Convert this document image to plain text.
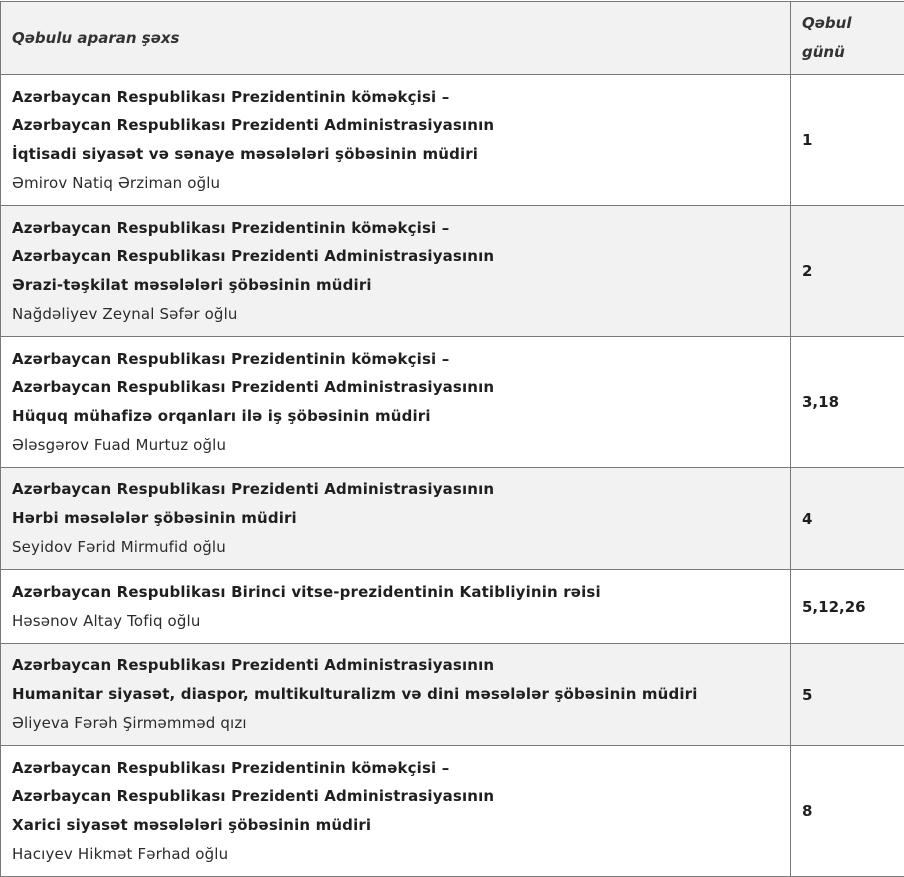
Qəbulu aparan şəxs	Qəbul
günü

Azərbaycan Respublikası Prezidentinin köməkçisi –
Azərbaycan Respublikası Prezidenti Administrasiyasının
İqtisadi siyasət və sənaye məsələləri şöbəsinin müdiri
Əmirov Natiq Ərziman oğlu	1

Azərbaycan Respublikası Prezidentinin köməkçisi –
Azərbaycan Respublikası Prezidenti Administrasiyasının
Ərazi-təşkilat məsələləri şöbəsinin müdiri
Nağdəliyev Zeynal Səfər oğlu	2

Azərbaycan Respublikası Prezidentinin köməkçisi –
Azərbaycan Respublikası Prezidenti Administrasiyasının
Hüquq mühafizə orqanları ilə iş şöbəsinin müdiri
Ələsgərov Fuad Murtuz oğlu	3,18

Azərbaycan Respublikası Prezidenti Administrasiyasının
Hərbi məsələlər şöbəsinin müdiri
Seyidov Fərid Mirmufid oğlu	4

Azərbaycan Respublikası Birinci vitse-prezidentinin Katibliyinin rəisi
Həsənov Altay Tofiq oğlu	5,12,26

Azərbaycan Respublikası Prezidenti Administrasiyasının
Humanitar siyasət, diaspor, multikulturalizm və dini məsələlər şöbəsinin müdiri
Əliyeva Fərəh Şirməmməd qızı	5

Azərbaycan Respublikası Prezidentinin köməkçisi –
Azərbaycan Respublikası Prezidenti Administrasiyasının
Xarici siyasət məsələləri şöbəsinin müdiri
Hacıyev Hikmət Fərhad oğlu	8
